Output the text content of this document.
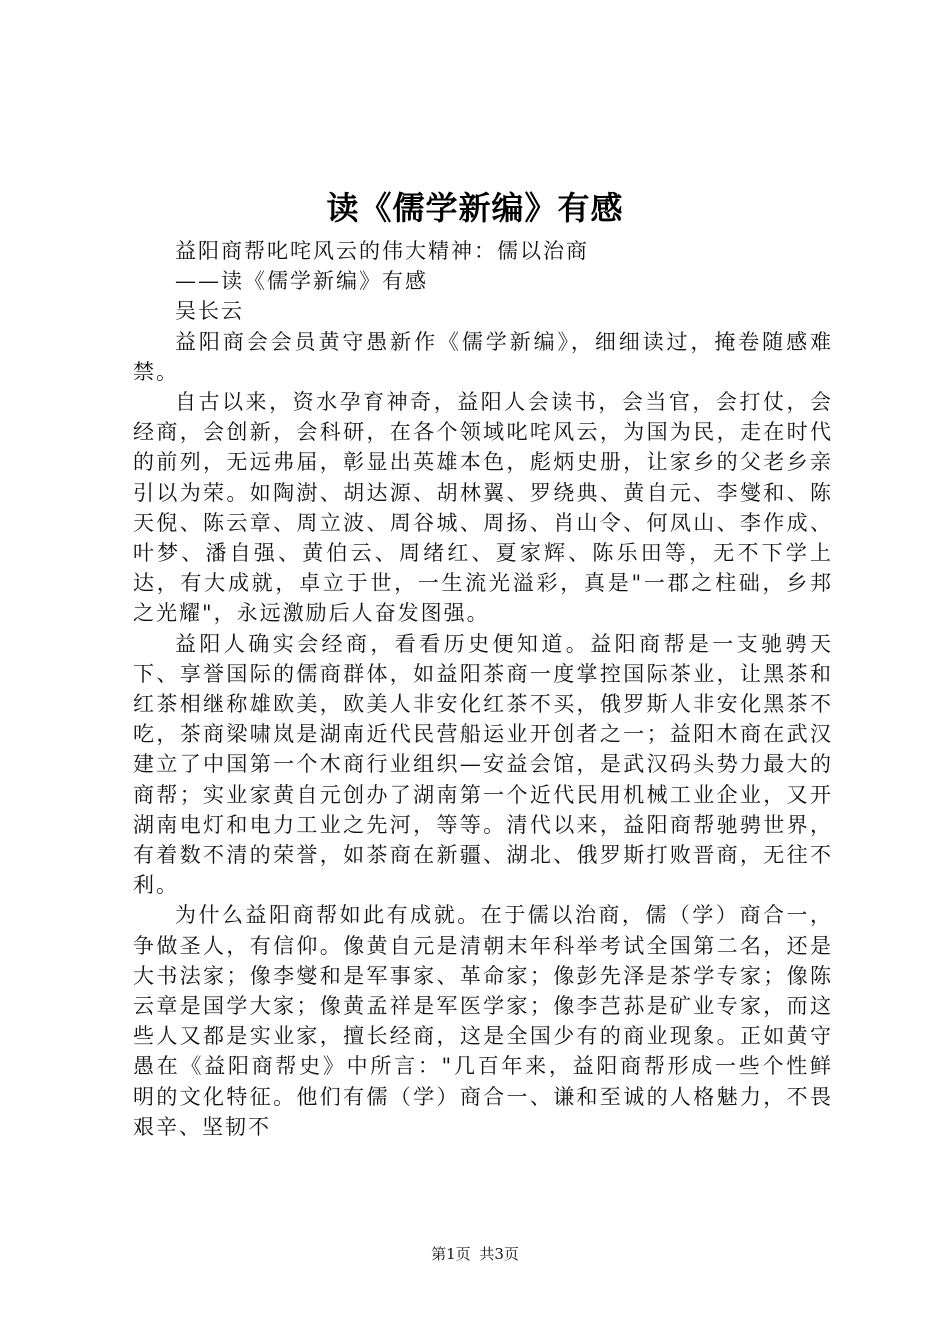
读《儒学新编》有感

益阳商帮叱咤风云的伟大精神：儒以治商

——读《儒学新编》有感

吴长云

益阳商会会员黄守愚新作《儒学新编》，细细读过，掩卷随感难禁。

自古以来，资水孕育神奇，益阳人会读书，会当官，会打仗，会经商，会创新，会科研，在各个领域叱咤风云，为国为民，走在时代的前列，无远弗届，彰显出英雄本色，彪炳史册，让家乡的父老乡亲引以为荣。如陶澍、胡达源、胡林翼、罗绕典、黄自元、李燮和、陈天倪、陈云章、周立波、周谷城、周扬、肖山令、何凤山、李作成、叶梦、潘自强、黄伯云、周绪红、夏家辉、陈乐田等，无不下学上达，有大成就，卓立于世，一生流光溢彩，真是"一郡之柱础，乡邦之光耀"，永远激励后人奋发图强。

益阳人确实会经商，看看历史便知道。益阳商帮是一支驰骋天下、享誉国际的儒商群体，如益阳茶商一度掌控国际茶业，让黑茶和红茶相继称雄欧美，欧美人非安化红茶不买，俄罗斯人非安化黑茶不吃，茶商梁啸岚是湖南近代民营船运业开创者之一；益阳木商在武汉建立了中国第一个木商行业组织—安益会馆，是武汉码头势力最大的商帮；实业家黄自元创办了湖南第一个近代民用机械工业企业，又开湖南电灯和电力工业之先河，等等。清代以来，益阳商帮驰骋世界，有着数不清的荣誉，如茶商在新疆、湖北、俄罗斯打败晋商，无往不利。

为什么益阳商帮如此有成就。在于儒以治商，儒（学）商合一，争做圣人，有信仰。像黄自元是清朝末年科举考试全国第二名，还是大书法家；像李燮和是军事家、革命家；像彭先泽是茶学专家；像陈云章是国学大家；像黄孟祥是军医学家；像李芑荪是矿业专家，而这些人又都是实业家，擅长经商，这是全国少有的商业现象。正如黄守愚在《益阳商帮史》中所言："几百年来，益阳商帮形成一些个性鲜明的文化特征。他们有儒（学）商合一、谦和至诚的人格魅力，不畏艰辛、坚韧不

第1页 共3页
